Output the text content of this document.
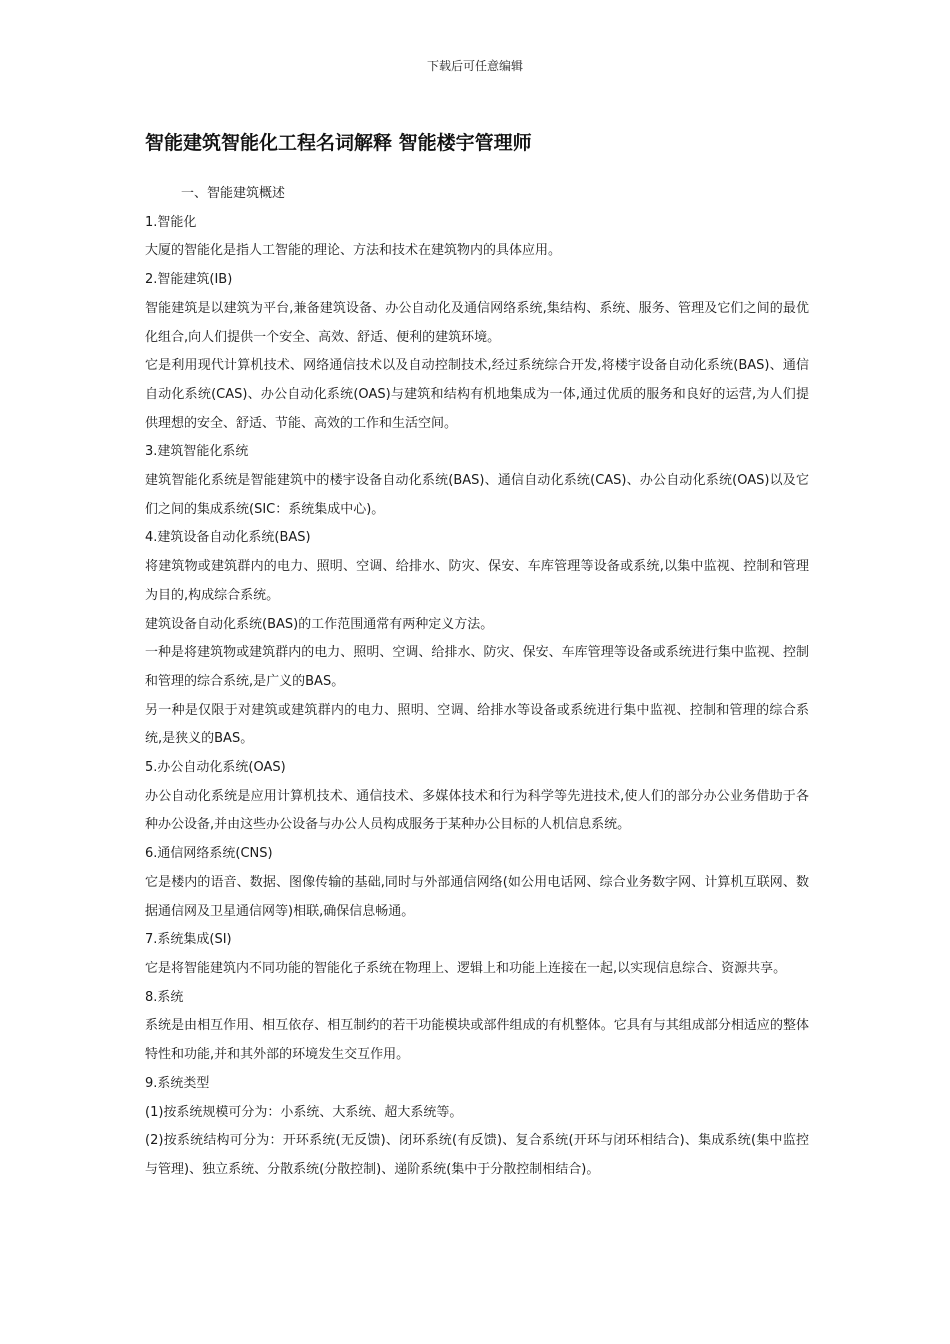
下载后可任意编辑
智能建筑智能化工程名词解释 智能楼宇管理师

一、智能建筑概述

1.智能化

大厦的智能化是指人工智能的理论、方法和技术在建筑物内的具体应用。

2.智能建筑(IB)

智能建筑是以建筑为平台,兼备建筑设备、办公自动化及通信网络系统,集结构、系统、服务、管理及它们之间的最优化组合,向人们提供一个安全、高效、舒适、便利的建筑环境。

它是利用现代计算机技术、网络通信技术以及自动控制技术,经过系统综合开发,将楼宇设备自动化系统(BAS)、通信自动化系统(CAS)、办公自动化系统(OAS)与建筑和结构有机地集成为一体,通过优质的服务和良好的运营,为人们提供理想的安全、舒适、节能、高效的工作和生活空间。

3.建筑智能化系统

建筑智能化系统是智能建筑中的楼宇设备自动化系统(BAS)、通信自动化系统(CAS)、办公自动化系统(OAS)以及它们之间的集成系统(SIC：系统集成中心)。

4.建筑设备自动化系统(BAS)

将建筑物或建筑群内的电力、照明、空调、给排水、防灾、保安、车库管理等设备或系统,以集中监视、控制和管理为目的,构成综合系统。

建筑设备自动化系统(BAS)的工作范围通常有两种定义方法。

一种是将建筑物或建筑群内的电力、照明、空调、给排水、防灾、保安、车库管理等设备或系统进行集中监视、控制和管理的综合系统,是广义的BAS。

另一种是仅限于对建筑或建筑群内的电力、照明、空调、给排水等设备或系统进行集中监视、控制和管理的综合系统,是狭义的BAS。

5.办公自动化系统(OAS)

办公自动化系统是应用计算机技术、通信技术、多媒体技术和行为科学等先进技术,使人们的部分办公业务借助于各种办公设备,并由这些办公设备与办公人员构成服务于某种办公目标的人机信息系统。

6.通信网络系统(CNS)

它是楼内的语音、数据、图像传输的基础,同时与外部通信网络(如公用电话网、综合业务数字网、计算机互联网、数据通信网及卫星通信网等)相联,确保信息畅通。

7.系统集成(SI)

它是将智能建筑内不同功能的智能化子系统在物理上、逻辑上和功能上连接在一起,以实现信息综合、资源共享。

8.系统

系统是由相互作用、相互依存、相互制约的若干功能模块或部件组成的有机整体。它具有与其组成部分相适应的整体特性和功能,并和其外部的环境发生交互作用。

9.系统类型

(1)按系统规模可分为：小系统、大系统、超大系统等。

(2)按系统结构可分为：开环系统(无反馈)、闭环系统(有反馈)、复合系统(开环与闭环相结合)、集成系统(集中监控与管理)、独立系统、分散系统(分散控制)、递阶系统(集中于分散控制相结合)。
